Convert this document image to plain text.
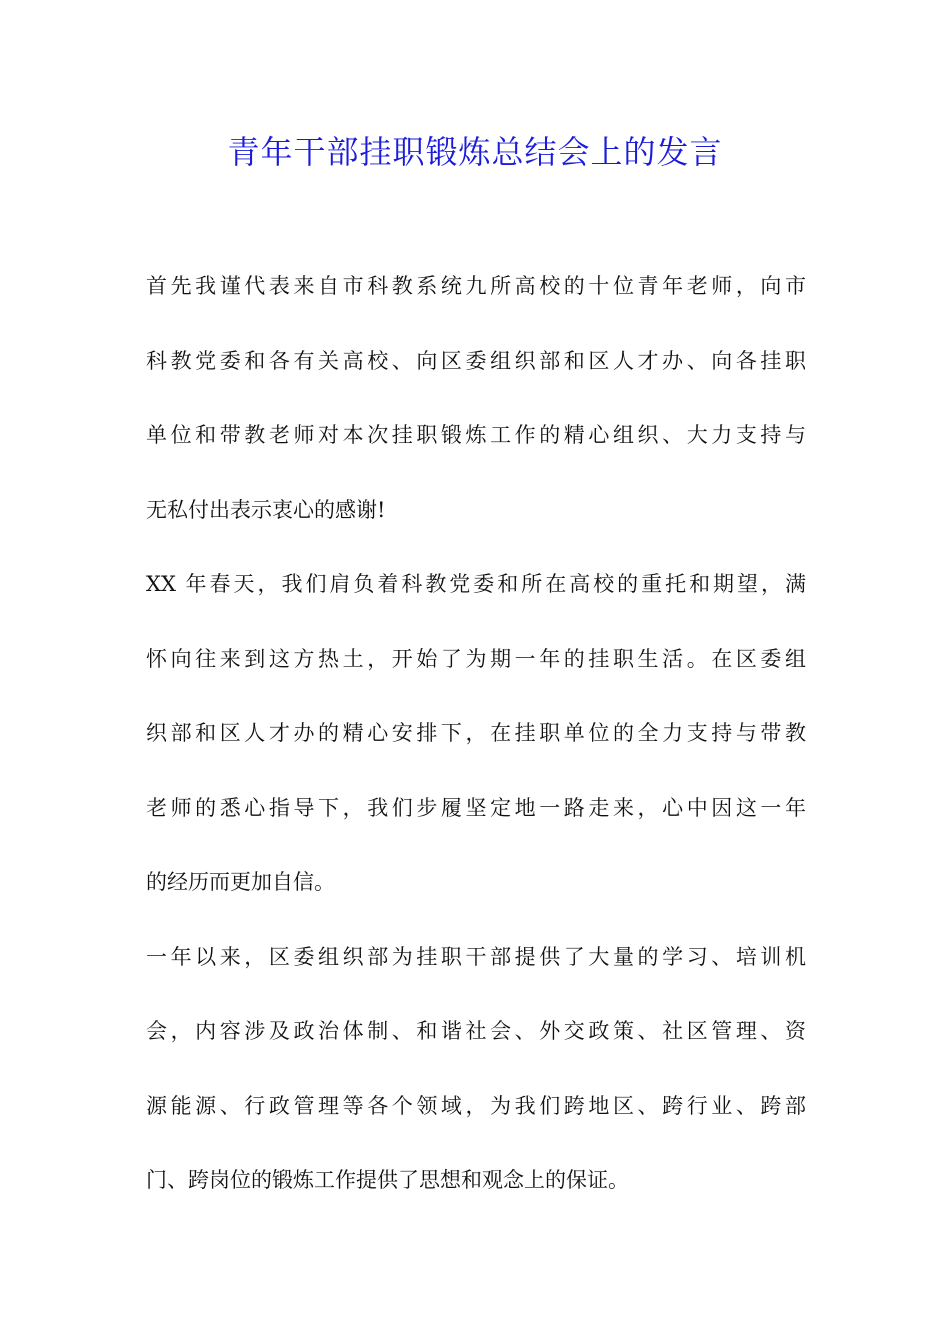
青年干部挂职锻炼总结会上的发言
首先我谨代表来自市科教系统九所高校的十位青年老师，向市
科教党委和各有关高校、向区委组织部和区人才办、向各挂职
单位和带教老师对本次挂职锻炼工作的精心组织、大力支持与
无私付出表示衷心的感谢!
XX 年春天，我们肩负着科教党委和所在高校的重托和期望，满
怀向往来到这方热土，开始了为期一年的挂职生活。在区委组
织部和区人才办的精心安排下，在挂职单位的全力支持与带教
老师的悉心指导下，我们步履坚定地一路走来，心中因这一年
的经历而更加自信。
一年以来，区委组织部为挂职干部提供了大量的学习、培训机
会，内容涉及政治体制、和谐社会、外交政策、社区管理、资
源能源、行政管理等各个领域，为我们跨地区、跨行业、跨部
门、跨岗位的锻炼工作提供了思想和观念上的保证。
